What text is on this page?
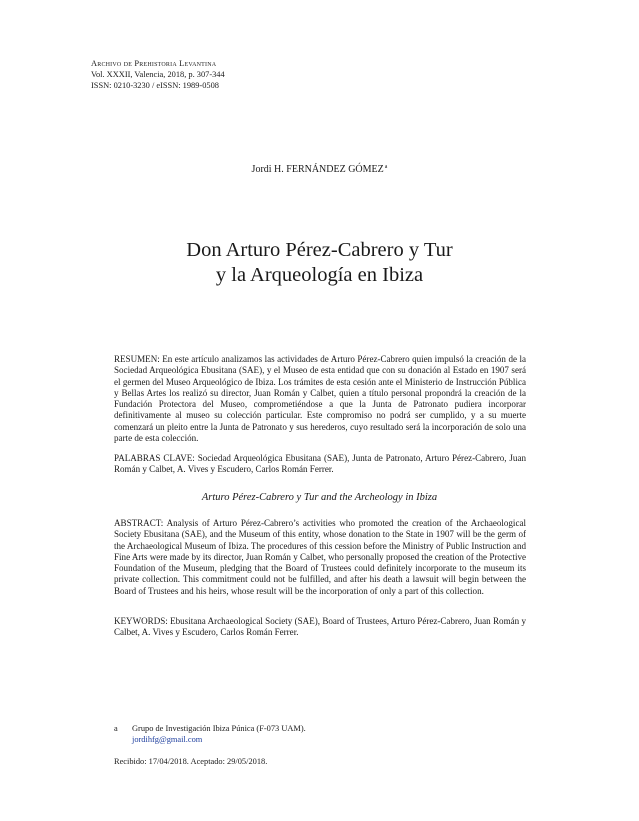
Archivo de Prehistoria Levantina
Vol. XXXII, Valencia, 2018, p. 307-344
ISSN: 0210-3230 / eISSN: 1989-0508
Jordi H. FERNÁNDEZ GÓMEZ$^a$
Don Arturo Pérez-Cabrero y Tur
y la Arqueología en Ibiza
RESUMEN: En este artículo analizamos las actividades de Arturo Pérez-Cabrero quien impulsó la creación de la Sociedad Arqueológica Ebusitana (SAE), y el Museo de esta entidad que con su donación al Estado en 1907 será el germen del Museo Arqueológico de Ibiza. Los trámites de esta cesión ante el Ministerio de Instrucción Pública y Bellas Artes los realizó su director, Juan Román y Calbet, quien a título personal propondrá la creación de la Fundación Protectora del Museo, comprometiéndose a que la Junta de Patronato pudiera incorporar definitivamente al museo su colección particular. Este compromiso no podrá ser cumplido, y a su muerte comenzará un pleito entre la Junta de Patronato y sus herederos, cuyo resultado será la incorporación de solo una parte de esta colección.
PALABRAS CLAVE: Sociedad Arqueológica Ebusitana (SAE), Junta de Patronato, Arturo Pérez-Cabrero, Juan Román y Calbet, A. Vives y Escudero, Carlos Román Ferrer.
Arturo Pérez-Cabrero y Tur and the Archeology in Ibiza
ABSTRACT: Analysis of Arturo Pérez-Cabrero’s activities who promoted the creation of the Archaeological Society Ebusitana (SAE), and the Museum of this entity, whose donation to the State in 1907 will be the germ of the Archaeological Museum of Ibiza. The procedures of this cession before the Ministry of Public Instruction and Fine Arts were made by its director, Juan Román y Calbet, who personally proposed the creation of the Protective Foundation of the Museum, pledging that the Board of Trustees could definitely incorporate to the museum its private collection. This commitment could not be fulfilled, and after his death a lawsuit will begin between the Board of Trustees and his heirs, whose result will be the incorporation of only a part of this collection.
KEYWORDS: Ebusitana Archaeological Society (SAE), Board of Trustees, Arturo Pérez-Cabrero, Juan Román y Calbet, A. Vives y Escudero, Carlos Román Ferrer.
a Grupo de Investigación Ibiza Púnica (F-073 UAM).
jordihfg@gmail.com
Recibido: 17/04/2018. Aceptado: 29/05/2018.
